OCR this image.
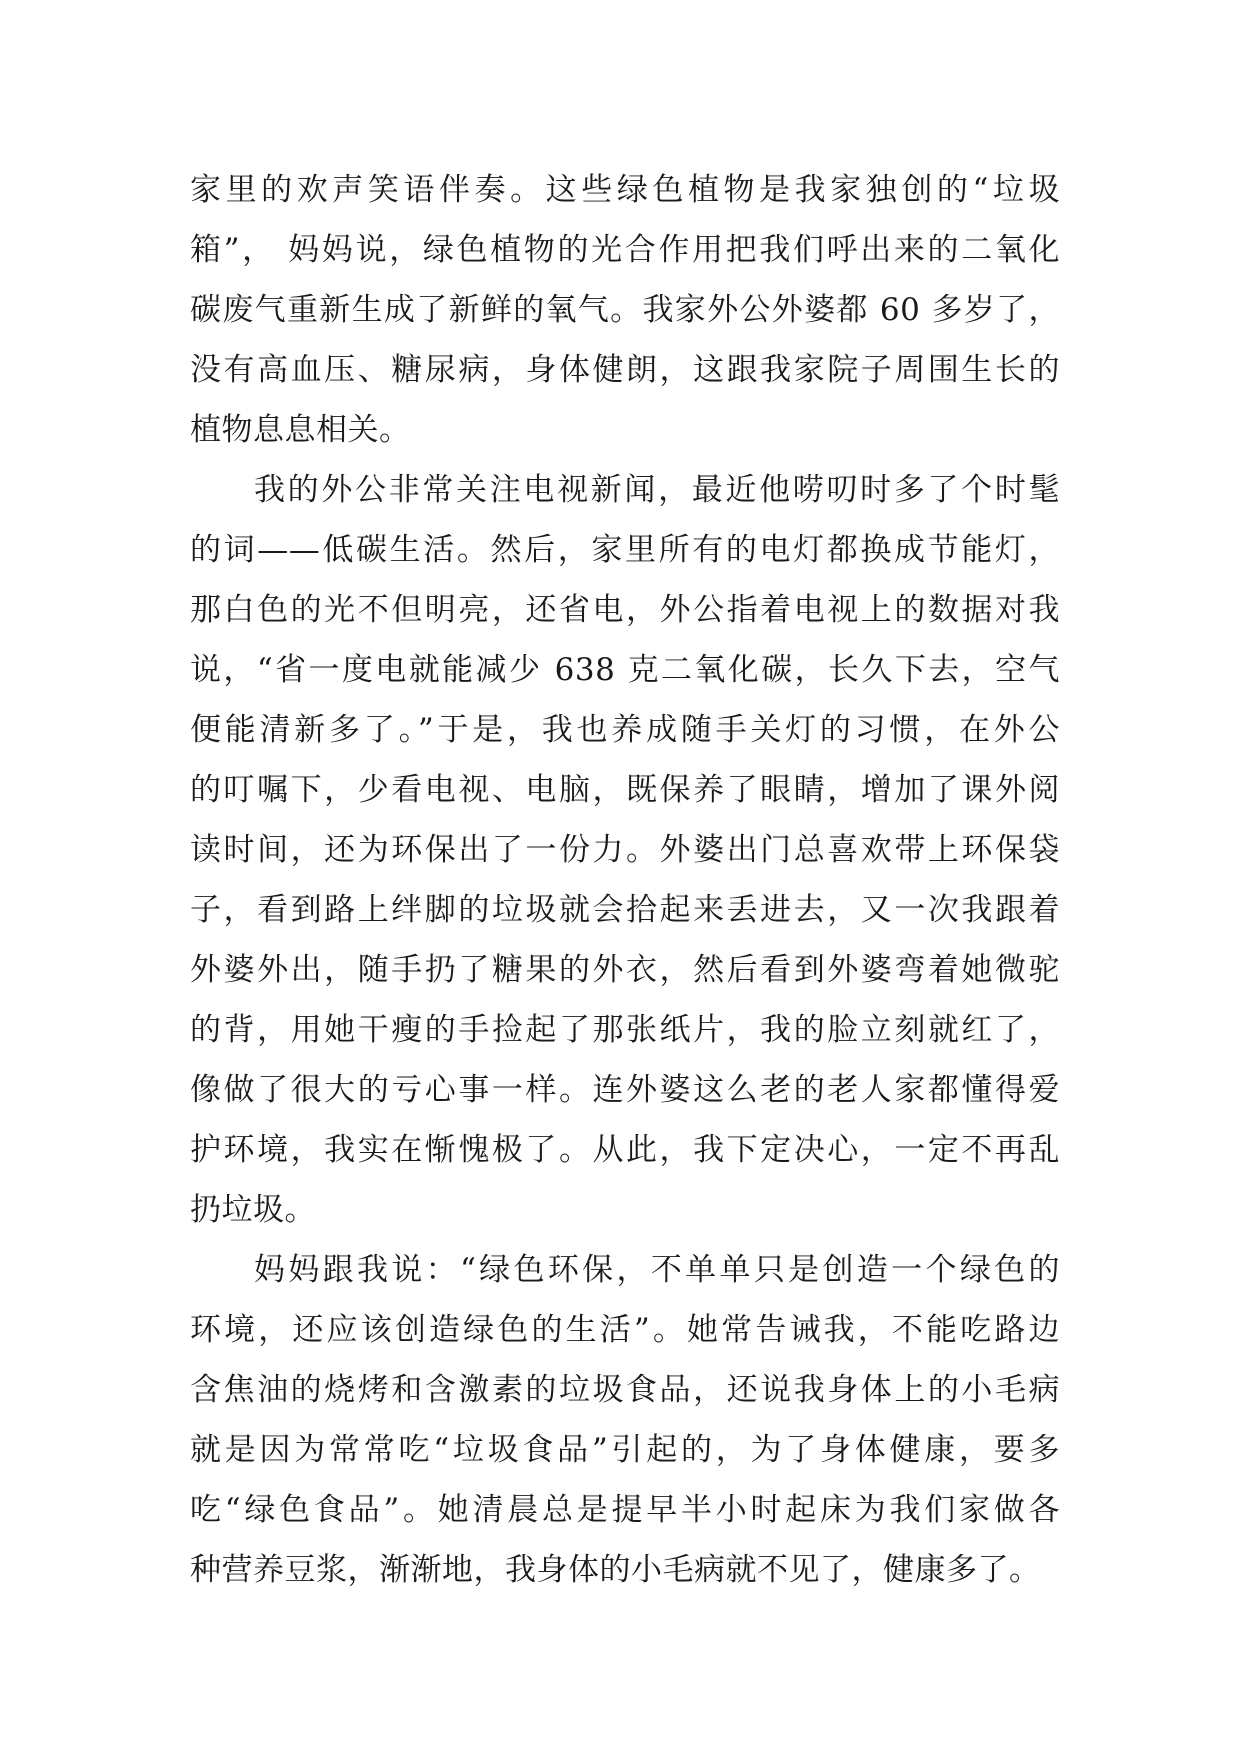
家里的欢声笑语伴奏。这些绿色植物是我家独创的“垃圾
箱”， 妈妈说，绿色植物的光合作用把我们呼出来的二氧化
碳废气重新生成了新鲜的氧气。我家外公外婆都 60 多岁了，
没有高血压、糖尿病，身体健朗，这跟我家院子周围生长的
植物息息相关。
我的外公非常关注电视新闻，最近他唠叨时多了个时髦
的词——低碳生活。然后，家里所有的电灯都换成节能灯，
那白色的光不但明亮，还省电，外公指着电视上的数据对我
说，“省一度电就能减少 638 克二氧化碳，长久下去，空气
便能清新多了。”于是，我也养成随手关灯的习惯，在外公
的叮嘱下，少看电视、电脑，既保养了眼睛，增加了课外阅
读时间，还为环保出了一份力。外婆出门总喜欢带上环保袋
子，看到路上绊脚的垃圾就会拾起来丢进去，又一次我跟着
外婆外出，随手扔了糖果的外衣，然后看到外婆弯着她微驼
的背，用她干瘦的手捡起了那张纸片，我的脸立刻就红了，
像做了很大的亏心事一样。连外婆这么老的老人家都懂得爱
护环境，我实在惭愧极了。从此，我下定决心，一定不再乱
扔垃圾。
妈妈跟我说：“绿色环保，不单单只是创造一个绿色的
环境，还应该创造绿色的生活”。她常告诫我，不能吃路边
含焦油的烧烤和含激素的垃圾食品，还说我身体上的小毛病
就是因为常常吃“垃圾食品”引起的，为了身体健康，要多
吃“绿色食品”。她清晨总是提早半小时起床为我们家做各
种营养豆浆，渐渐地，我身体的小毛病就不见了，健康多了。
